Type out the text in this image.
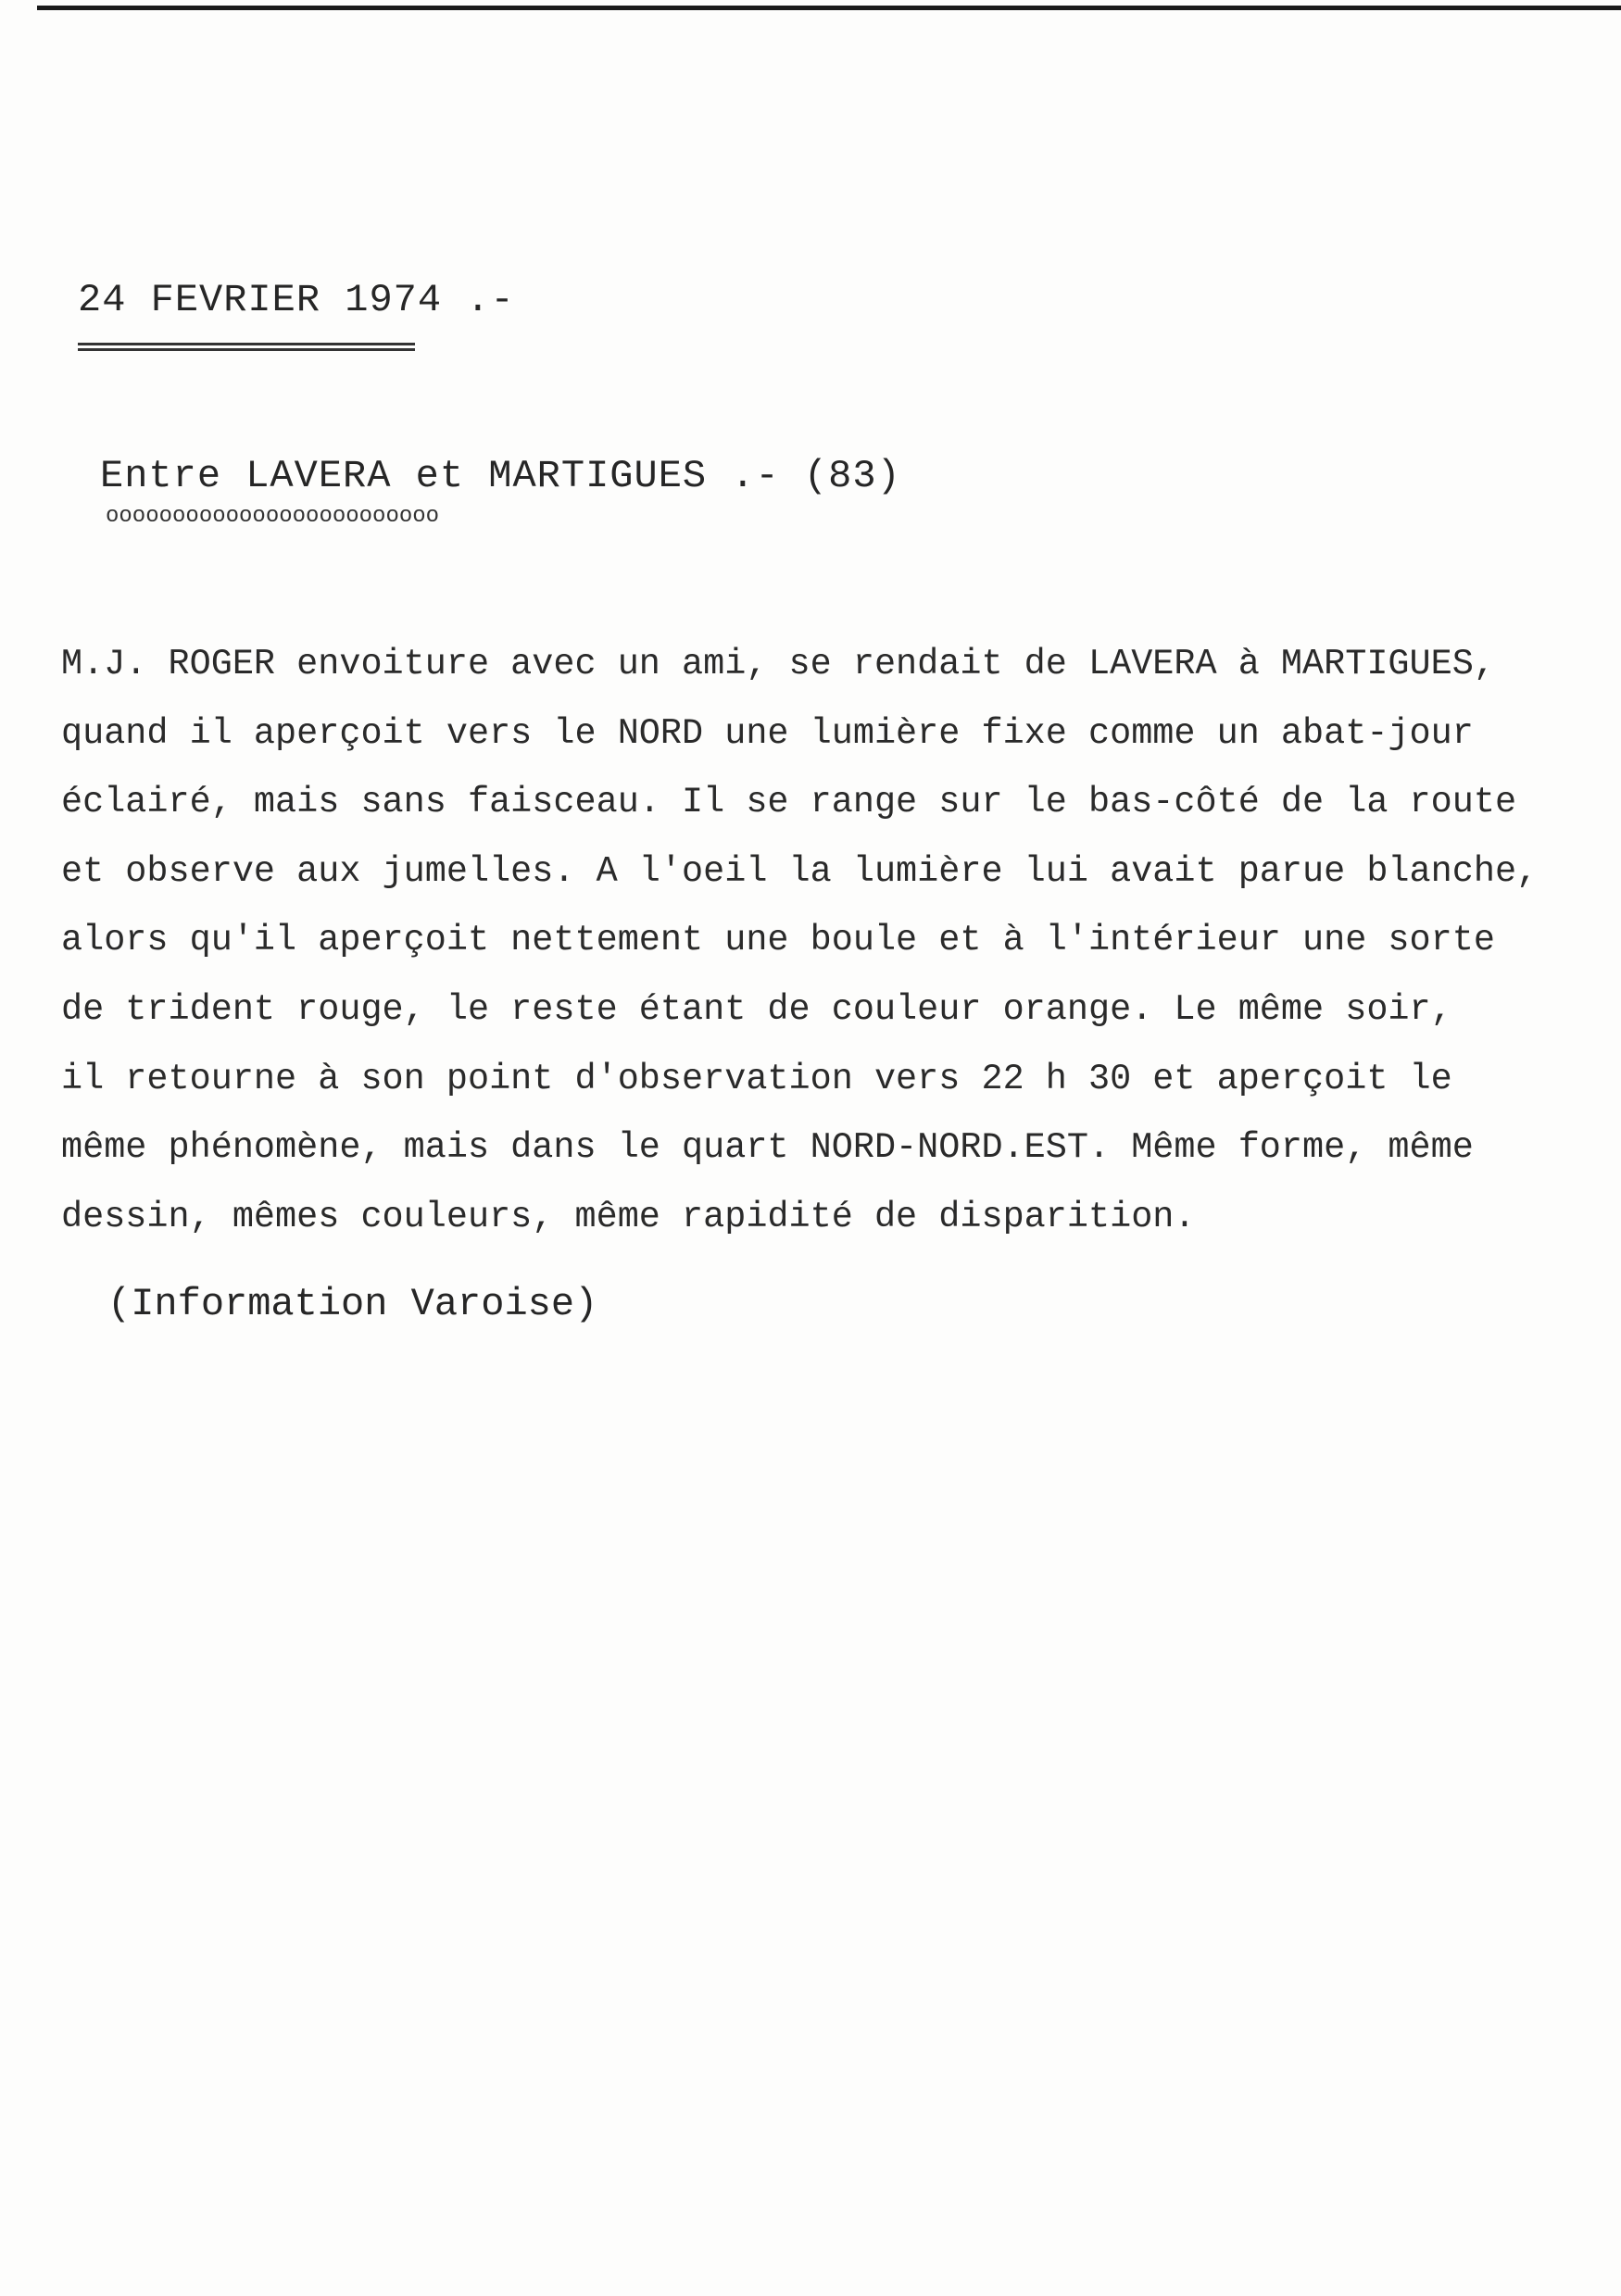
24 FEVRIER 1974 .-
Entre LAVERA et MARTIGUES .- (83)
ooooooooooooooooooooooooo
M.J. ROGER envoiture avec un ami, se rendait de LAVERA à MARTIGUES,
quand il aperçoit vers le NORD une lumière fixe comme un abat-jour
éclairé, mais sans faisceau. Il se range sur le bas-côté de la route
et observe aux jumelles. A l'oeil la lumière lui avait parue blanche,
alors qu'il aperçoit nettement une boule et à l'intérieur une sorte
de trident rouge, le reste étant de couleur orange. Le même soir,
il retourne à son point d'observation vers 22 h 30 et aperçoit le
même phénomène, mais dans le quart NORD-NORD.EST. Même forme, même
dessin, mêmes couleurs, même rapidité de disparition.
(Information Varoise)
